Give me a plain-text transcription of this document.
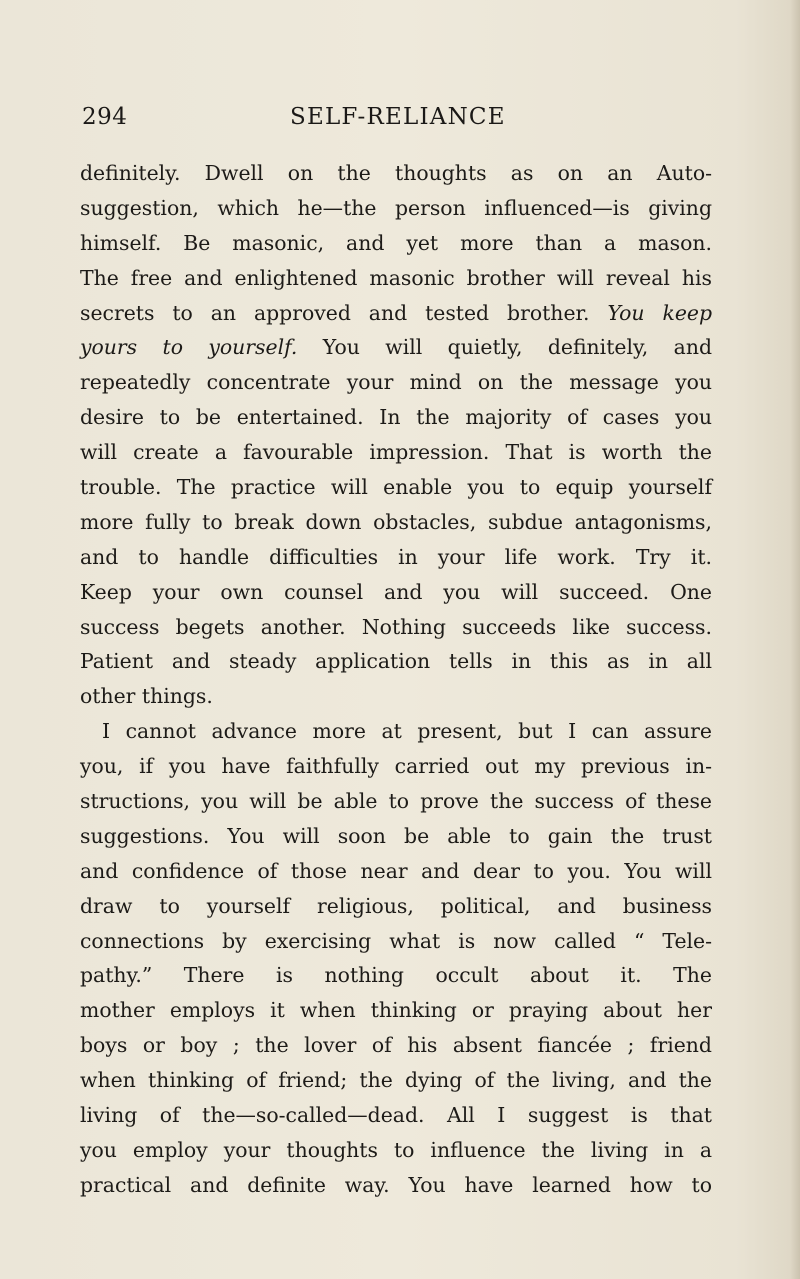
294	SELF-RELIANCE
definitely. Dwell on the thoughts as on an Auto-
suggestion, which he—the person influenced—is giving
himself. Be masonic, and yet more than a mason.
The free and enlightened masonic brother will reveal his
secrets to an approved and tested brother. You keep
yours to yourself. You will quietly, definitely, and
repeatedly concentrate your mind on the message you
desire to be entertained. In the majority of cases you
will create a favourable impression. That is worth the
trouble. The practice will enable you to equip yourself
more fully to break down obstacles, subdue antagonisms,
and to handle difficulties in your life work. Try it.
Keep your own counsel and you will succeed. One
success begets another. Nothing succeeds like success.
Patient and steady application tells in this as in all
other things.
I cannot advance more at present, but I can assure
you, if you have faithfully carried out my previous in-
structions, you will be able to prove the success of these
suggestions. You will soon be able to gain the trust
and confidence of those near and dear to you. You will
draw to yourself religious, political, and business
connections by exercising what is now called “ Tele-
pathy.” There is nothing occult about it. The
mother employs it when thinking or praying about her
boys or boy ; the lover of his absent fiancée ; friend
when thinking of friend; the dying of the living, and the
living of the—so-called—dead. All I suggest is that
you employ your thoughts to influence the living in a
practical and definite way. You have learned how to
